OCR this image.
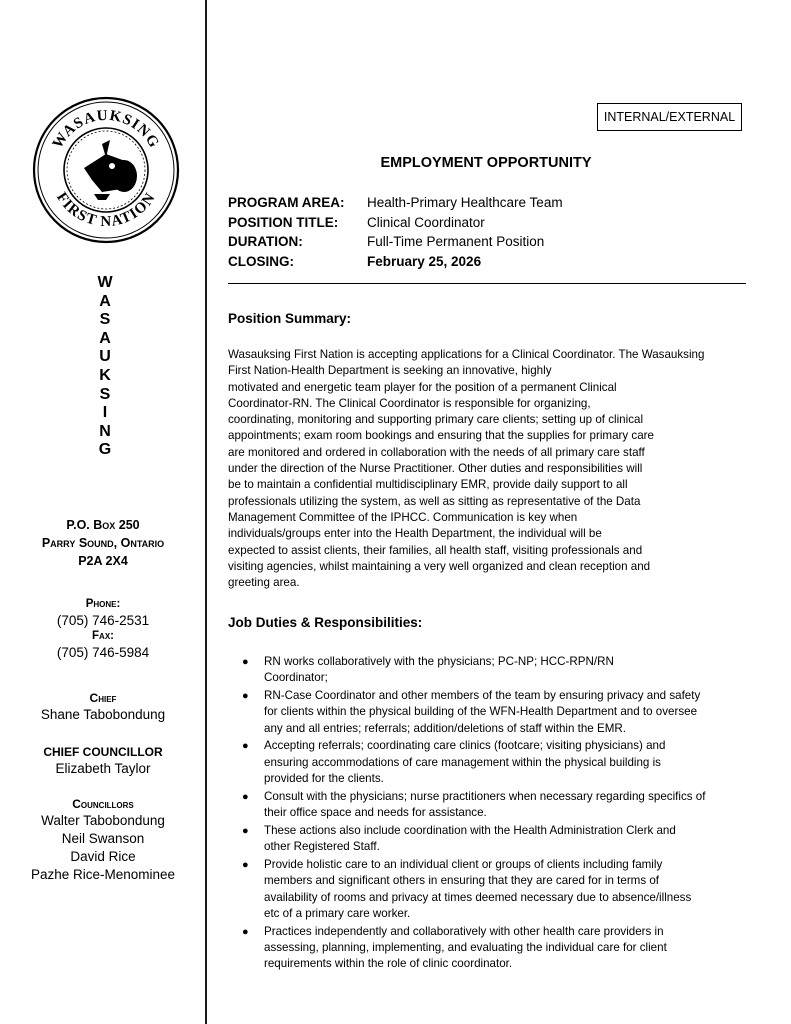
WASAUKSING
FIRST NATION
W
A
S
A
U
K
S
I
N
G
P.O. Box 250
Parry Sound, Ontario
P2A 2X4
Phone:
(705) 746-2531
Fax:
(705) 746-5984
Chief
Shane Tabobondung
CHIEF COUNCILLOR
Elizabeth Taylor
Councillors
Walter Tabobondung
Neil Swanson
David Rice
Pazhe Rice-Menominee
INTERNAL/EXTERNAL
EMPLOYMENT OPPORTUNITY
PROGRAM AREA: Health-Primary Healthcare Team
POSITION TITLE: Clinical Coordinator
DURATION:	Full-Time Permanent Position
CLOSING:	February 25, 2026
Position Summary:
Wasauksing First Nation is accepting applications for a Clinical Coordinator. The Wasauksing
First Nation-Health Department is seeking an innovative, highly
motivated and energetic team player for the position of a permanent Clinical
Coordinator-RN. The Clinical Coordinator is responsible for organizing,
coordinating, monitoring and supporting primary care clients; setting up of clinical
appointments; exam room bookings and ensuring that the supplies for primary care
are monitored and ordered in collaboration with the needs of all primary care staff
under the direction of the Nurse Practitioner. Other duties and responsibilities will
be to maintain a confidential multidisciplinary EMR, provide daily support to all
professionals utilizing the system, as well as sitting as representative of the Data
Management Committee of the IPHCC. Communication is key when
individuals/groups enter into the Health Department, the individual will be
expected to assist clients, their families, all health staff, visiting professionals and
visiting agencies, whilst maintaining a very well organized and clean reception and
greeting area.
Job Duties & Responsibilities:
● RN works collaboratively with the physicians; PC-NP; HCC-RPN/RN
Coordinator;
● RN-Case Coordinator and other members of the team by ensuring privacy and safety
for clients within the physical building of the WFN-Health Department and to oversee
any and all entries; referrals; addition/deletions of staff within the EMR.
● Accepting referrals; coordinating care clinics (footcare; visiting physicians) and
ensuring accommodations of care management within the physical building is
provided for the clients.
● Consult with the physicians; nurse practitioners when necessary regarding specifics of
their office space and needs for assistance.
● These actions also include coordination with the Health Administration Clerk and
other Registered Staff.
● Provide holistic care to an individual client or groups of clients including family
members and significant others in ensuring that they are cared for in terms of
availability of rooms and privacy at times deemed necessary due to absence/illness
etc of a primary care worker.
● Practices independently and collaboratively with other health care providers in
assessing, planning, implementing, and evaluating the individual care for client
requirements within the role of clinic coordinator.
